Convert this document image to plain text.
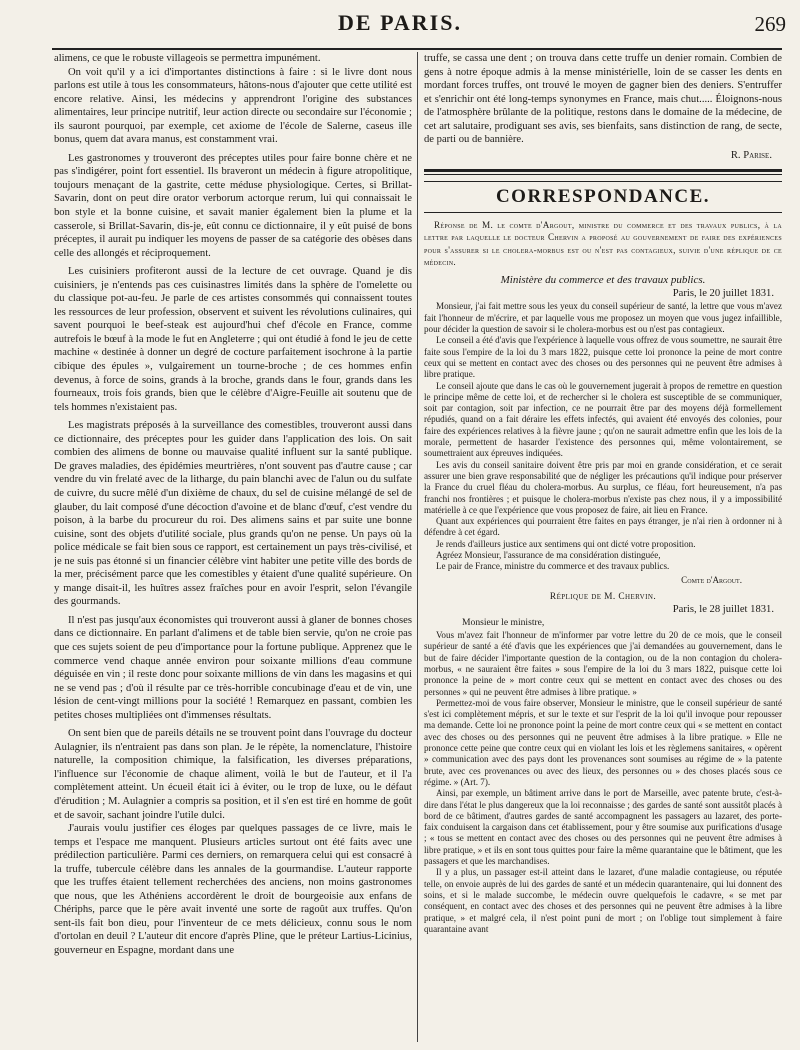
DE PARIS.	269

alimens, ce que le robuste villageois se permettra impunément.

On voit qu'il y a ici d'importantes distinctions à faire : si le livre dont nous parlons est utile à tous les consommateurs, hâtons-nous d'ajouter que cette utilité est encore relative. Ainsi, les médecins y apprendront l'origine des substances alimentaires, leur principe nutritif, leur action directe ou secondaire sur l'économie ; ils sauront pourquoi, par exemple, cet axiome de l'école de Salerne, caseus ille bonus, quem dat avara manus, est constamment vrai.

Les gastronomes y trouveront des préceptes utiles pour faire bonne chère et ne pas s'indigérer, point fort essentiel. Ils braveront un médecin à figure atropolitique, toujours menaçant de la gastrite, cette méduse physiologique. Certes, si Brillat-Savarin, dont on peut dire orator verborum actorque rerum, lui qui connaissait le bon style et la bonne cuisine, et savait manier également bien la plume et la casserole, si Brillat-Savarin, dis-je, eût connu ce dictionnaire, il y eût puisé de bons préceptes, il aurait pu indiquer les moyens de passer de sa catégorie des obèses dans celle des allongés et réciproquement.

Les cuisiniers profiteront aussi de la lecture de cet ouvrage. Quand je dis cuisiniers, je n'entends pas ces cuisinastres limités dans la sphère de l'omelette ou du classique pot-au-feu. Je parle de ces artistes consommés qui connaissent toutes les ressources de leur profession, observent et suivent les révolutions culinaires, qui savent pourquoi le beef-steak est aujourd'hui chef d'école en France, comme autrefois le bœuf à la mode le fut en Angleterre ; qui ont étudié à fond le jeu de cette machine « destinée à donner un degré de cocture parfaitement isochrone à la partie cibique des épules », vulgairement un tourne-broche ; de ces hommes enfin devenus, à force de soins, grands à la broche, grands dans le four, grands dans les fourneaux, trois fois grands, bien que le célèbre d'Aigre-Feuille ait soutenu que de tels hommes n'existaient pas.

Les magistrats préposés à la surveillance des comestibles, trouveront aussi dans ce dictionnaire, des préceptes pour les guider dans l'application des lois. On sait combien des alimens de bonne ou mauvaise qualité influent sur la santé publique. De graves maladies, des épidémies meurtrières, n'ont souvent pas d'autre cause ; car vendre du vin frelaté avec de la litharge, du pain blanchi avec de l'alun ou du sulfate de cuivre, du sucre mêlé d'un dixième de chaux, du sel de cuisine mélangé de sel de glauber, du lait composé d'une décoction d'avoine et de blanc d'œuf, c'est vendre du poison, à la barbe du procureur du roi. Des alimens sains et par suite une bonne cuisine, sont des objets d'utilité sociale, plus grands qu'on ne pense. Un pays où la police médicale se fait bien sous ce rapport, est certainement un pays très-civilisé, et je ne suis pas étonné si un financier célèbre vint habiter une petite ville des bords de la mer, précisément parce que les comestibles y étaient d'une qualité supérieure. On y mange disait-il, les huîtres assez fraîches pour en avoir l'esprit, selon l'évangile des gourmands.

Il n'est pas jusqu'aux économistes qui trouveront aussi à glaner de bonnes choses dans ce dictionnaire. En parlant d'alimens et de table bien servie, qu'on ne croie pas que ces sujets soient de peu d'importance pour la fortune publique. Apprenez que le commerce vend chaque année environ pour soixante millions d'eau commune déguisée en vin ; il reste donc pour soixante millions de vin dans les magasins et qui ne se vend pas ; d'où il résulte par ce très-horrible concubinage d'eau et de vin, une lésion de cent-vingt millions pour la société ! Remarquez en passant, combien les petites choses multipliées ont d'immenses résultats.

On sent bien que de pareils détails ne se trouvent point dans l'ouvrage du docteur Aulagnier, ils n'entraient pas dans son plan. Je le répète, la nomenclature, l'histoire naturelle, la composition chimique, la falsification, les diverses préparations, l'influence sur l'économie de chaque aliment, voilà le but de l'auteur, et il l'a complètement atteint. Un écueil était ici à éviter, ou le trop de luxe, ou le défaut d'érudition ; M. Aulagnier a compris sa position, et il s'en est tiré en homme de goût et de savoir, sachant joindre l'utile dulci.

J'aurais voulu justifier ces éloges par quelques passages de ce livre, mais le temps et l'espace me manquent. Plusieurs articles surtout ont été faits avec une prédilection particulière. Parmi ces derniers, on remarquera celui qui est consacré à la truffe, tubercule célèbre dans les annales de la gourmandise. L'auteur rapporte que les truffes étaient tellement recherchées des anciens, non moins gastronomes que nous, que les Athéniens accordèrent le droit de bourgeoisie aux enfans de Chériphs, parce que le père avait inventé une sorte de ragoût aux truffes. Qu'on sent-ils fait bon dieu, pour l'inventeur de ce mets délicieux, connu sous le nom d'ortolan en deuil ? L'auteur dit encore d'après Pline, que le préteur Lartius-Licinius, gouverneur en Espagne, mordant dans une

truffe, se cassa une dent ; on trouva dans cette truffe un denier romain. Combien de gens à notre époque admis à la mense ministérielle, loin de se casser les dents en mordant forces truffes, ont trouvé le moyen de gagner bien des deniers. S'entruffer et s'enrichir ont été long-temps synonymes en France, mais chut..... Éloignons-nous de l'atmosphère brûlante de la politique, restons dans le domaine de la médecine, de cet art salutaire, prodiguant ses avis, ses bienfaits, sans distinction de rang, de secte, de parti ou de bannière.

R. Parise.
CORRESPONDANCE.

Réponse de M. le comte d'Argout, ministre du commerce et des travaux publics, à la lettre par laquelle le docteur Chervin a proposé au gouvernement de faire des expériences pour s'assurer si le cholera-morbus est ou n'est pas contagieux, suivie d'une réplique de ce médecin.

Ministère du commerce et des travaux publics.
Paris, le 20 juillet 1831.

Monsieur, j'ai fait mettre sous les yeux du conseil supérieur de santé, la lettre que vous m'avez fait l'honneur de m'écrire, et par laquelle vous me proposez un moyen que vous jugez infaillible, pour décider la question de savoir si le cholera-morbus est ou n'est pas contagieux.

Le conseil a été d'avis que l'expérience à laquelle vous offrez de vous soumettre, ne saurait être faite sous l'empire de la loi du 3 mars 1822, puisque cette loi prononce la peine de mort contre ceux qui se mettent en contact avec des choses ou des personnes qui ne peuvent être admises à libre pratique.

Le conseil ajoute que dans le cas où le gouvernement jugerait à propos de remettre en question le principe même de cette loi, et de rechercher si le cholera est susceptible de se communiquer, soit par contagion, soit par infection, ce ne pourrait être par des moyens déjà formellement répudiés, quand on a fait déraire les effets infectés, qui avaient été envoyés des colonies, pour faire des expériences relatives à la fièvre jaune ; qu'on ne saurait admettre enfin que les lois de la morale, permettent de hasarder l'existence des personnes qui, même volontairement, se soumettraient aux épreuves indiquées.

Les avis du conseil sanitaire doivent être pris par moi en grande considération, et ce serait assurer une bien grave responsabilité que de négliger les précautions qu'il indique pour préserver la France du cruel fléau du cholera-morbus. Au surplus, ce fléau, fort heureusement, n'a pas franchi nos frontières ; et puisque le cholera-morbus n'existe pas chez nous, il y a impossibilité matérielle à ce que l'expérience que vous proposez de faire, ait lieu en France.

Quant aux expériences qui pourraient être faites en pays étranger, je n'ai rien à ordonner ni à défendre à cet égard.

Je rends d'ailleurs justice aux sentimens qui ont dicté votre proposition.

Agréez Monsieur, l'assurance de ma considération distinguée,

Le pair de France, ministre du commerce et des travaux publics.

Comte d'Argout.
Réplique de M. Chervin.
Paris, le 28 juillet 1831.
Monsieur le ministre,

Vous m'avez fait l'honneur de m'informer par votre lettre du 20 de ce mois, que le conseil supérieur de santé a été d'avis que les expériences que j'ai demandées au gouvernement, dans le but de faire décider l'importante question de la contagion, ou de la non contagion du cholera-morbus, « ne sauraient être faites » sous l'empire de la loi du 3 mars 1822, puisque cette loi prononce la peine de » mort contre ceux qui se mettent en contact avec des choses ou des personnes » qui ne peuvent être admises à libre pratique. »

Permettez-moi de vous faire observer, Monsieur le ministre, que le conseil supérieur de santé s'est ici complètement mépris, et sur le texte et sur l'esprit de la loi qu'il invoque pour repousser ma demande. Cette loi ne prononce point la peine de mort contre ceux qui « se mettent en contact avec des choses ou des personnes qui ne peuvent être admises à la libre pratique. » Elle ne prononce cette peine que contre ceux qui en violant les lois et les règlemens sanitaires, « opèrent » communication avec des pays dont les provenances sont soumises au régime de » la patente brute, avec ces provenances ou avec des lieux, des personnes ou » des choses placés sous ce régime. » (Art. 7).

Ainsi, par exemple, un bâtiment arrive dans le port de Marseille, avec patente brute, c'est-à-dire dans l'état le plus dangereux que la loi reconnaisse ; des gardes de santé sont aussitôt placés à bord de ce bâtiment, d'autres gardes de santé accompagnent les passagers au lazaret, des porte-faix conduisent la cargaison dans cet établissement, pour y être soumise aux purifications d'usage ; « tous se mettent en contact avec des choses ou des personnes qui ne peuvent être admises à libre pratique, » et ils en sont tous quittes pour faire la même quarantaine que le bâtiment, que les passagers et que les marchandises.

Il y a plus, un passager est-il atteint dans le lazaret, d'une maladie contagieuse, ou réputée telle, on envoie auprès de lui des gardes de santé et un médecin quarantenaire, qui lui donnent des soins, et si le malade succombe, le médecin ouvre quelquefois le cadavre, « se met par conséquent, en contact avec des choses et des personnes qui ne peuvent être admises à la libre pratique, » et malgré cela, il n'est point puni de mort ; on l'oblige tout simplement à faire quarantaine avant
